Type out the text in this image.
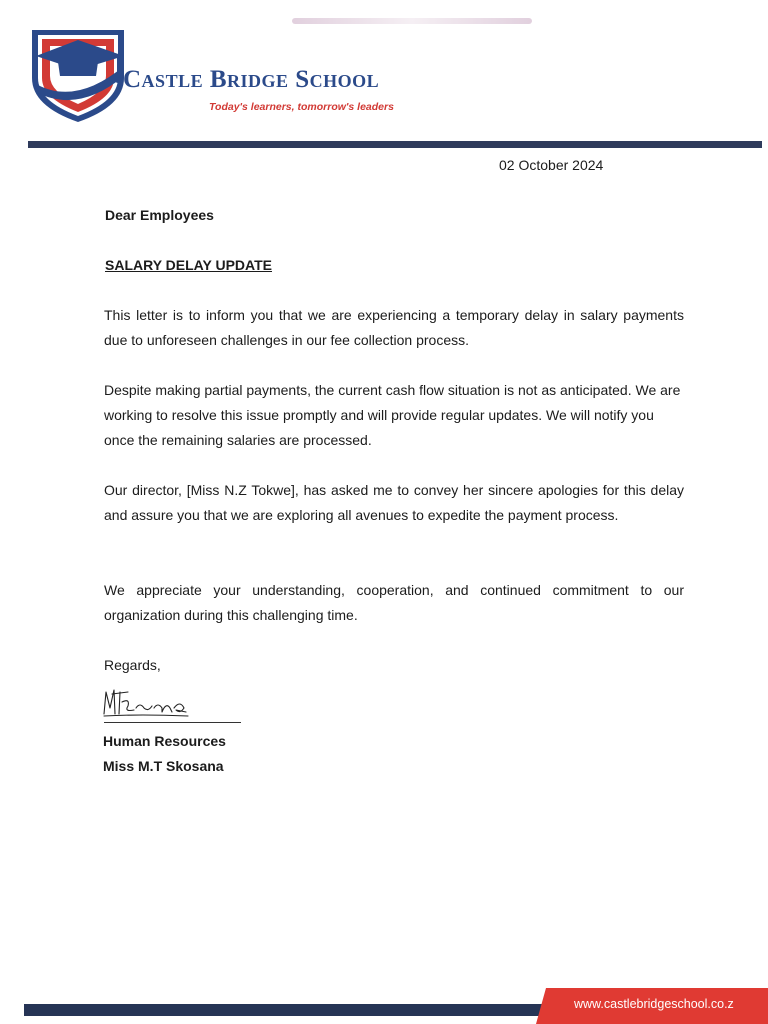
Castle Bridge School
Today's learners, tomorrow's leaders
02 October 2024
Dear Employees
SALARY DELAY UPDATE

This letter is to inform you that we are experiencing a temporary delay in salary payments due to unforeseen challenges in our fee collection process.

Despite making partial payments, the current cash flow situation is not as anticipated. We are working to resolve this issue promptly and will provide regular updates. We will notify you once the remaining salaries are processed.

Our director, [Miss N.Z Tokwe], has asked me to convey her sincere apologies for this delay and assure you that we are exploring all avenues to expedite the payment process.

We appreciate your understanding, cooperation, and continued commitment to our organization during this challenging time.

Regards,
Human Resources
Miss M.T Skosana
www.castlebridgeschool.co.z
